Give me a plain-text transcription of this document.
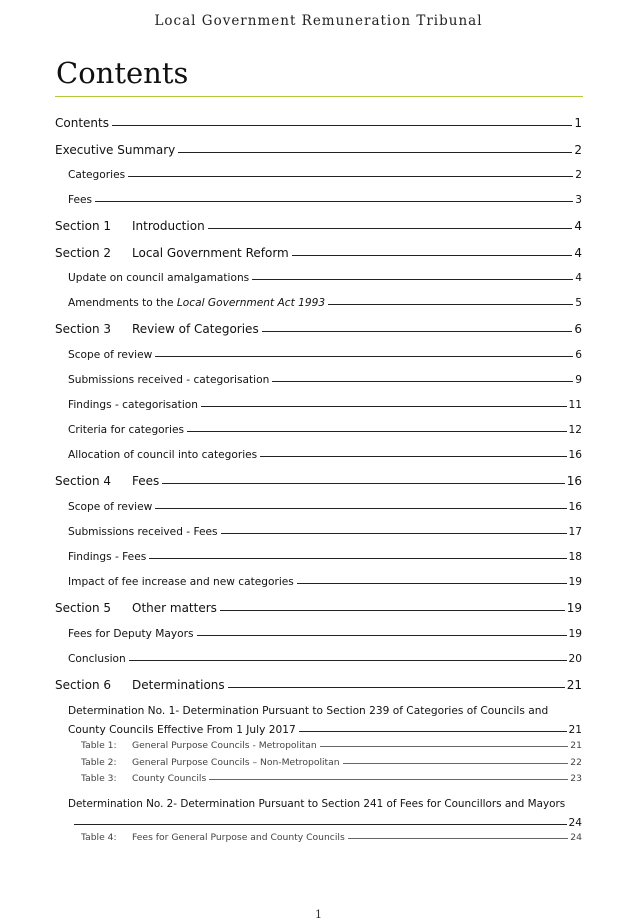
Local Government Remuneration Tribunal
Contents
Contents	1
Executive Summary	2
Categories	2
Fees	3
Section 1	Introduction	4
Section 2	Local Government Reform	4
Update on council amalgamations	4
Amendments to the Local Government Act 1993	5
Section 3	Review of Categories	6
Scope of review	6
Submissions received - categorisation	9
Findings - categorisation	11
Criteria for categories	12
Allocation of council into categories	16
Section 4	Fees	16
Scope of review	16
Submissions received - Fees	17
Findings - Fees	18
Impact of fee increase and new categories	19
Section 5	Other matters	19
Fees for Deputy Mayors	19
Conclusion	20
Section 6	Determinations	21
Determination No. 1- Determination Pursuant to Section 239 of Categories of Councils and
County Councils Effective From 1 July 2017	21
Table 1:	General Purpose Councils - Metropolitan	21
Table 2:	General Purpose Councils – Non-Metropolitan	22
Table 3:	County Councils	23
Determination No. 2- Determination Pursuant to Section 241 of Fees for Councillors and Mayors
24
Table 4:	Fees for General Purpose and County Councils	24
1
